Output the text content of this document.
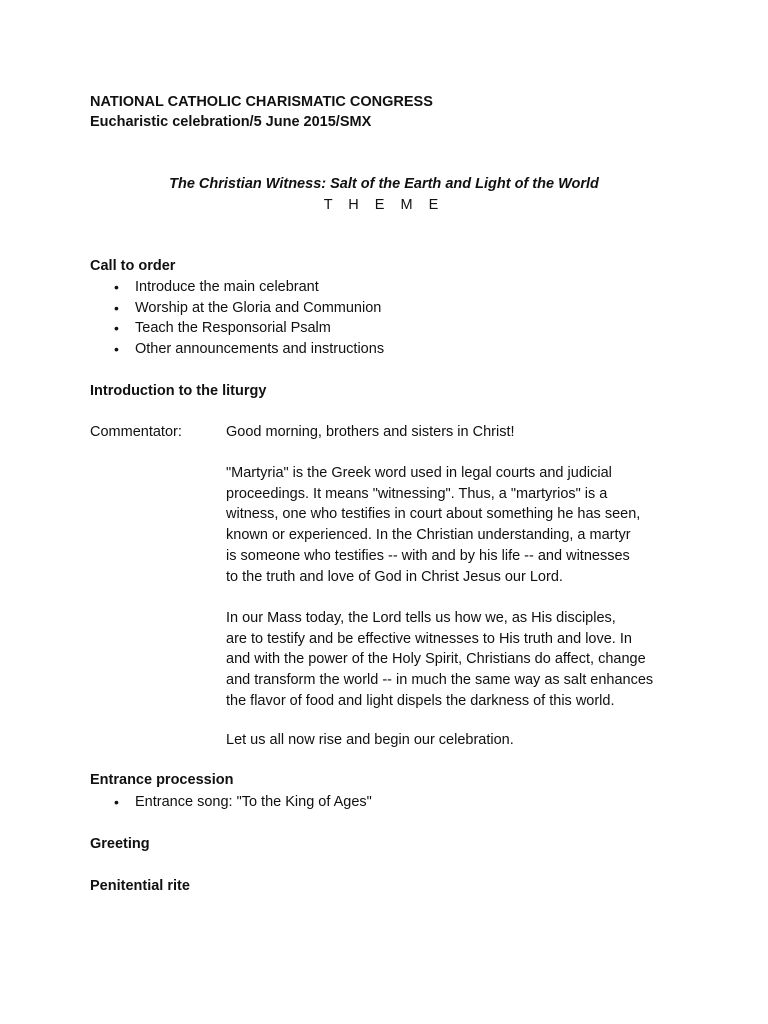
NATIONAL CATHOLIC CHARISMATIC CONGRESS
Eucharistic celebration/5 June 2015/SMX
The Christian Witness: Salt of the Earth and Light of the World
T H E M E
Call to order
• Introduce the main celebrant
• Worship at the Gloria and Communion
• Teach the Responsorial Psalm
• Other announcements and instructions
Introduction to the liturgy
Commentator:	Good morning, brothers and sisters in Christ!
"Martyria" is the Greek word used in legal courts and judicial
proceedings. It means "witnessing". Thus, a "martyrios" is a
witness, one who testifies in court about something he has seen,
known or experienced. In the Christian understanding, a martyr
is someone who testifies -- with and by his life -- and witnesses
to the truth and love of God in Christ Jesus our Lord.
In our Mass today, the Lord tells us how we, as His disciples,
are to testify and be effective witnesses to His truth and love. In
and with the power of the Holy Spirit, Christians do affect, change
and transform the world -- in much the same way as salt enhances
the flavor of food and light dispels the darkness of this world.
Let us all now rise and begin our celebration.
Entrance procession
• Entrance song: "To the King of Ages"
Greeting
Penitential rite
